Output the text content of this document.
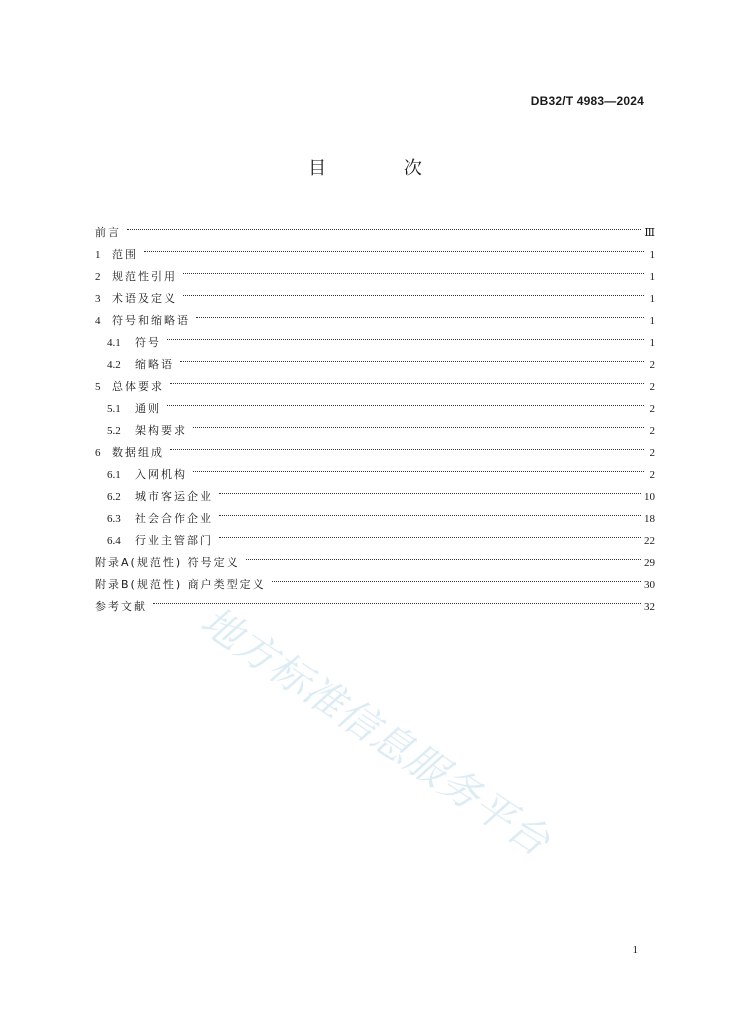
DB32/T 4983—2024
目 次
前言	Ⅲ
1	范围	1
2	规范性引用	1
3	术语及定义	1
4	符号和缩略语	1
4.1	符号	1
4.2	缩略语	2
5	总体要求	2
5.1	通则	2
5.2	架构要求	2
6	数据组成	2
6.1	入网机构	2
6.2	城市客运企业	10
6.3	社会合作企业	18
6.4	行业主管部门	22
附录A(规范性) 符号定义	29
附录B(规范性) 商户类型定义	30
参考文献	32
地方标准信息服务平台
1
